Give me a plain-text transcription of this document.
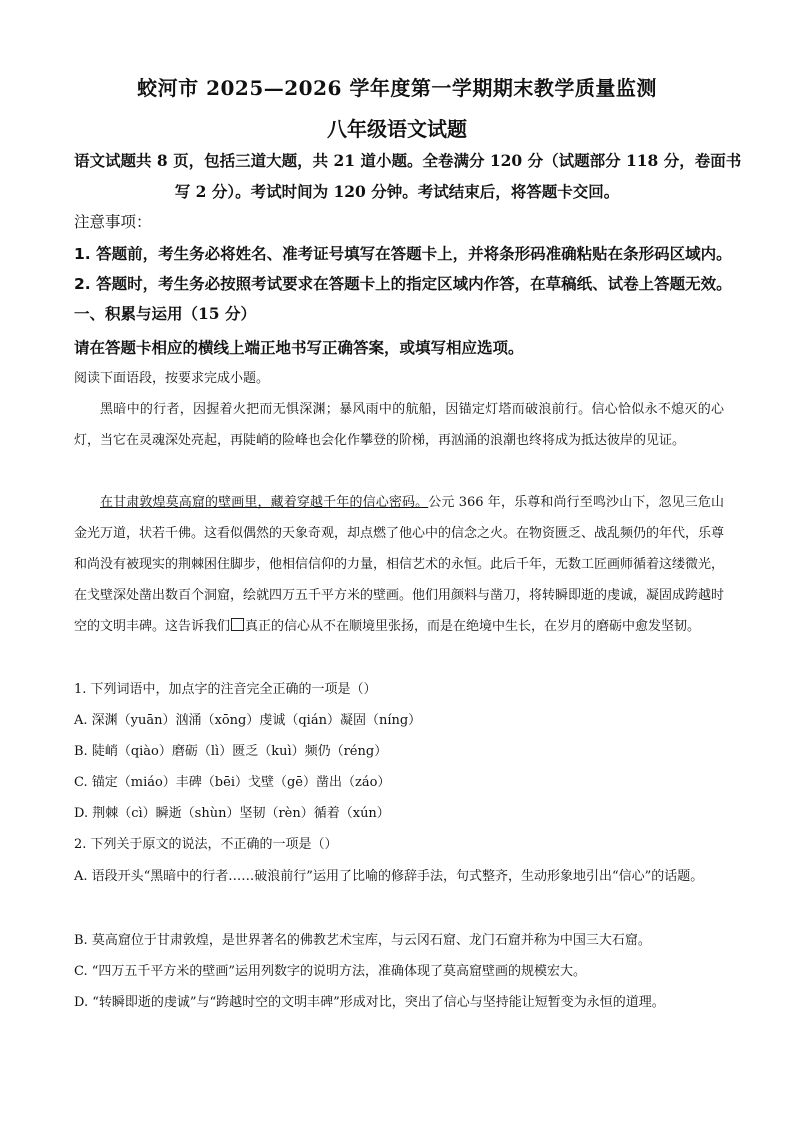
蛟河市 2025—2026 学年度第一学期期末教学质量监测
八年级语文试题
语文试题共 8 页，包括三道大题，共 21 道小题。全卷满分 120 分（试题部分 118 分，卷面书
写 2 分）。考试时间为 120 分钟。考试结束后，将答题卡交回。
注意事项：
1. 答题前，考生务必将姓名、准考证号填写在答题卡上，并将条形码准确粘贴在条形码区域内。
2. 答题时，考生务必按照考试要求在答题卡上的指定区域内作答，在草稿纸、试卷上答题无效。
一、积累与运用（15 分）
请在答题卡相应的横线上端正地书写正确答案，或填写相应选项。
阅读下面语段，按要求完成小题。
黑暗中的行者，因握着火把而无惧深渊；暴风雨中的航船，因锚定灯塔而破浪前行。信心恰似永不熄灭的心灯，当它在灵魂深处亮起，再陡峭的险峰也会化作攀登的阶梯，再汹涌的浪潮也终将成为抵达彼岸的见证。
在甘肃敦煌莫高窟的壁画里，藏着穿越千年的信心密码。公元 366 年，乐尊和尚行至鸣沙山下，忽见三危山金光万道，状若千佛。这看似偶然的天象奇观，却点燃了他心中的信念之火。在物资匮乏、战乱频仍的年代，乐尊和尚没有被现实的荆棘困住脚步，他相信信仰的力量，相信艺术的永恒。此后千年，无数工匠画师循着这缕微光，在戈壁深处凿出数百个洞窟，绘就四万五千平方米的壁画。他们用颜料与凿刀，将转瞬即逝的虔诚，凝固成跨越时空的文明丰碑。这告诉我们 真正的信心从不在顺境里张扬，而是在绝境中生长，在岁月的磨砺中愈发坚韧。
1. 下列词语中，加点字的注音完全正确的一项是（）
A. 深渊（yuān）汹涌（xōng）虔诚（qián）凝固（níng）
B. 陡峭（qiào）磨砺（lì）匮乏（kuì）频仍（réng）
C. 锚定（miáo）丰碑（bēi）戈壁（gē）凿出（záo）
D. 荆棘（cì）瞬逝（shùn）坚韧（rèn）循着（xún）
2. 下列关于原文的说法，不正确的一项是（）
A. 语段开头“黑暗中的行者……破浪前行”运用了比喻的修辞手法，句式整齐，生动形象地引出“信心”的话题。
B. 莫高窟位于甘肃敦煌，是世界著名的佛教艺术宝库，与云冈石窟、龙门石窟并称为中国三大石窟。
C. “四万五千平方米的壁画”运用列数字的说明方法，准确体现了莫高窟壁画的规模宏大。
D. “转瞬即逝的虔诚”与“跨越时空的文明丰碑”形成对比，突出了信心与坚持能让短暂变为永恒的道理。
